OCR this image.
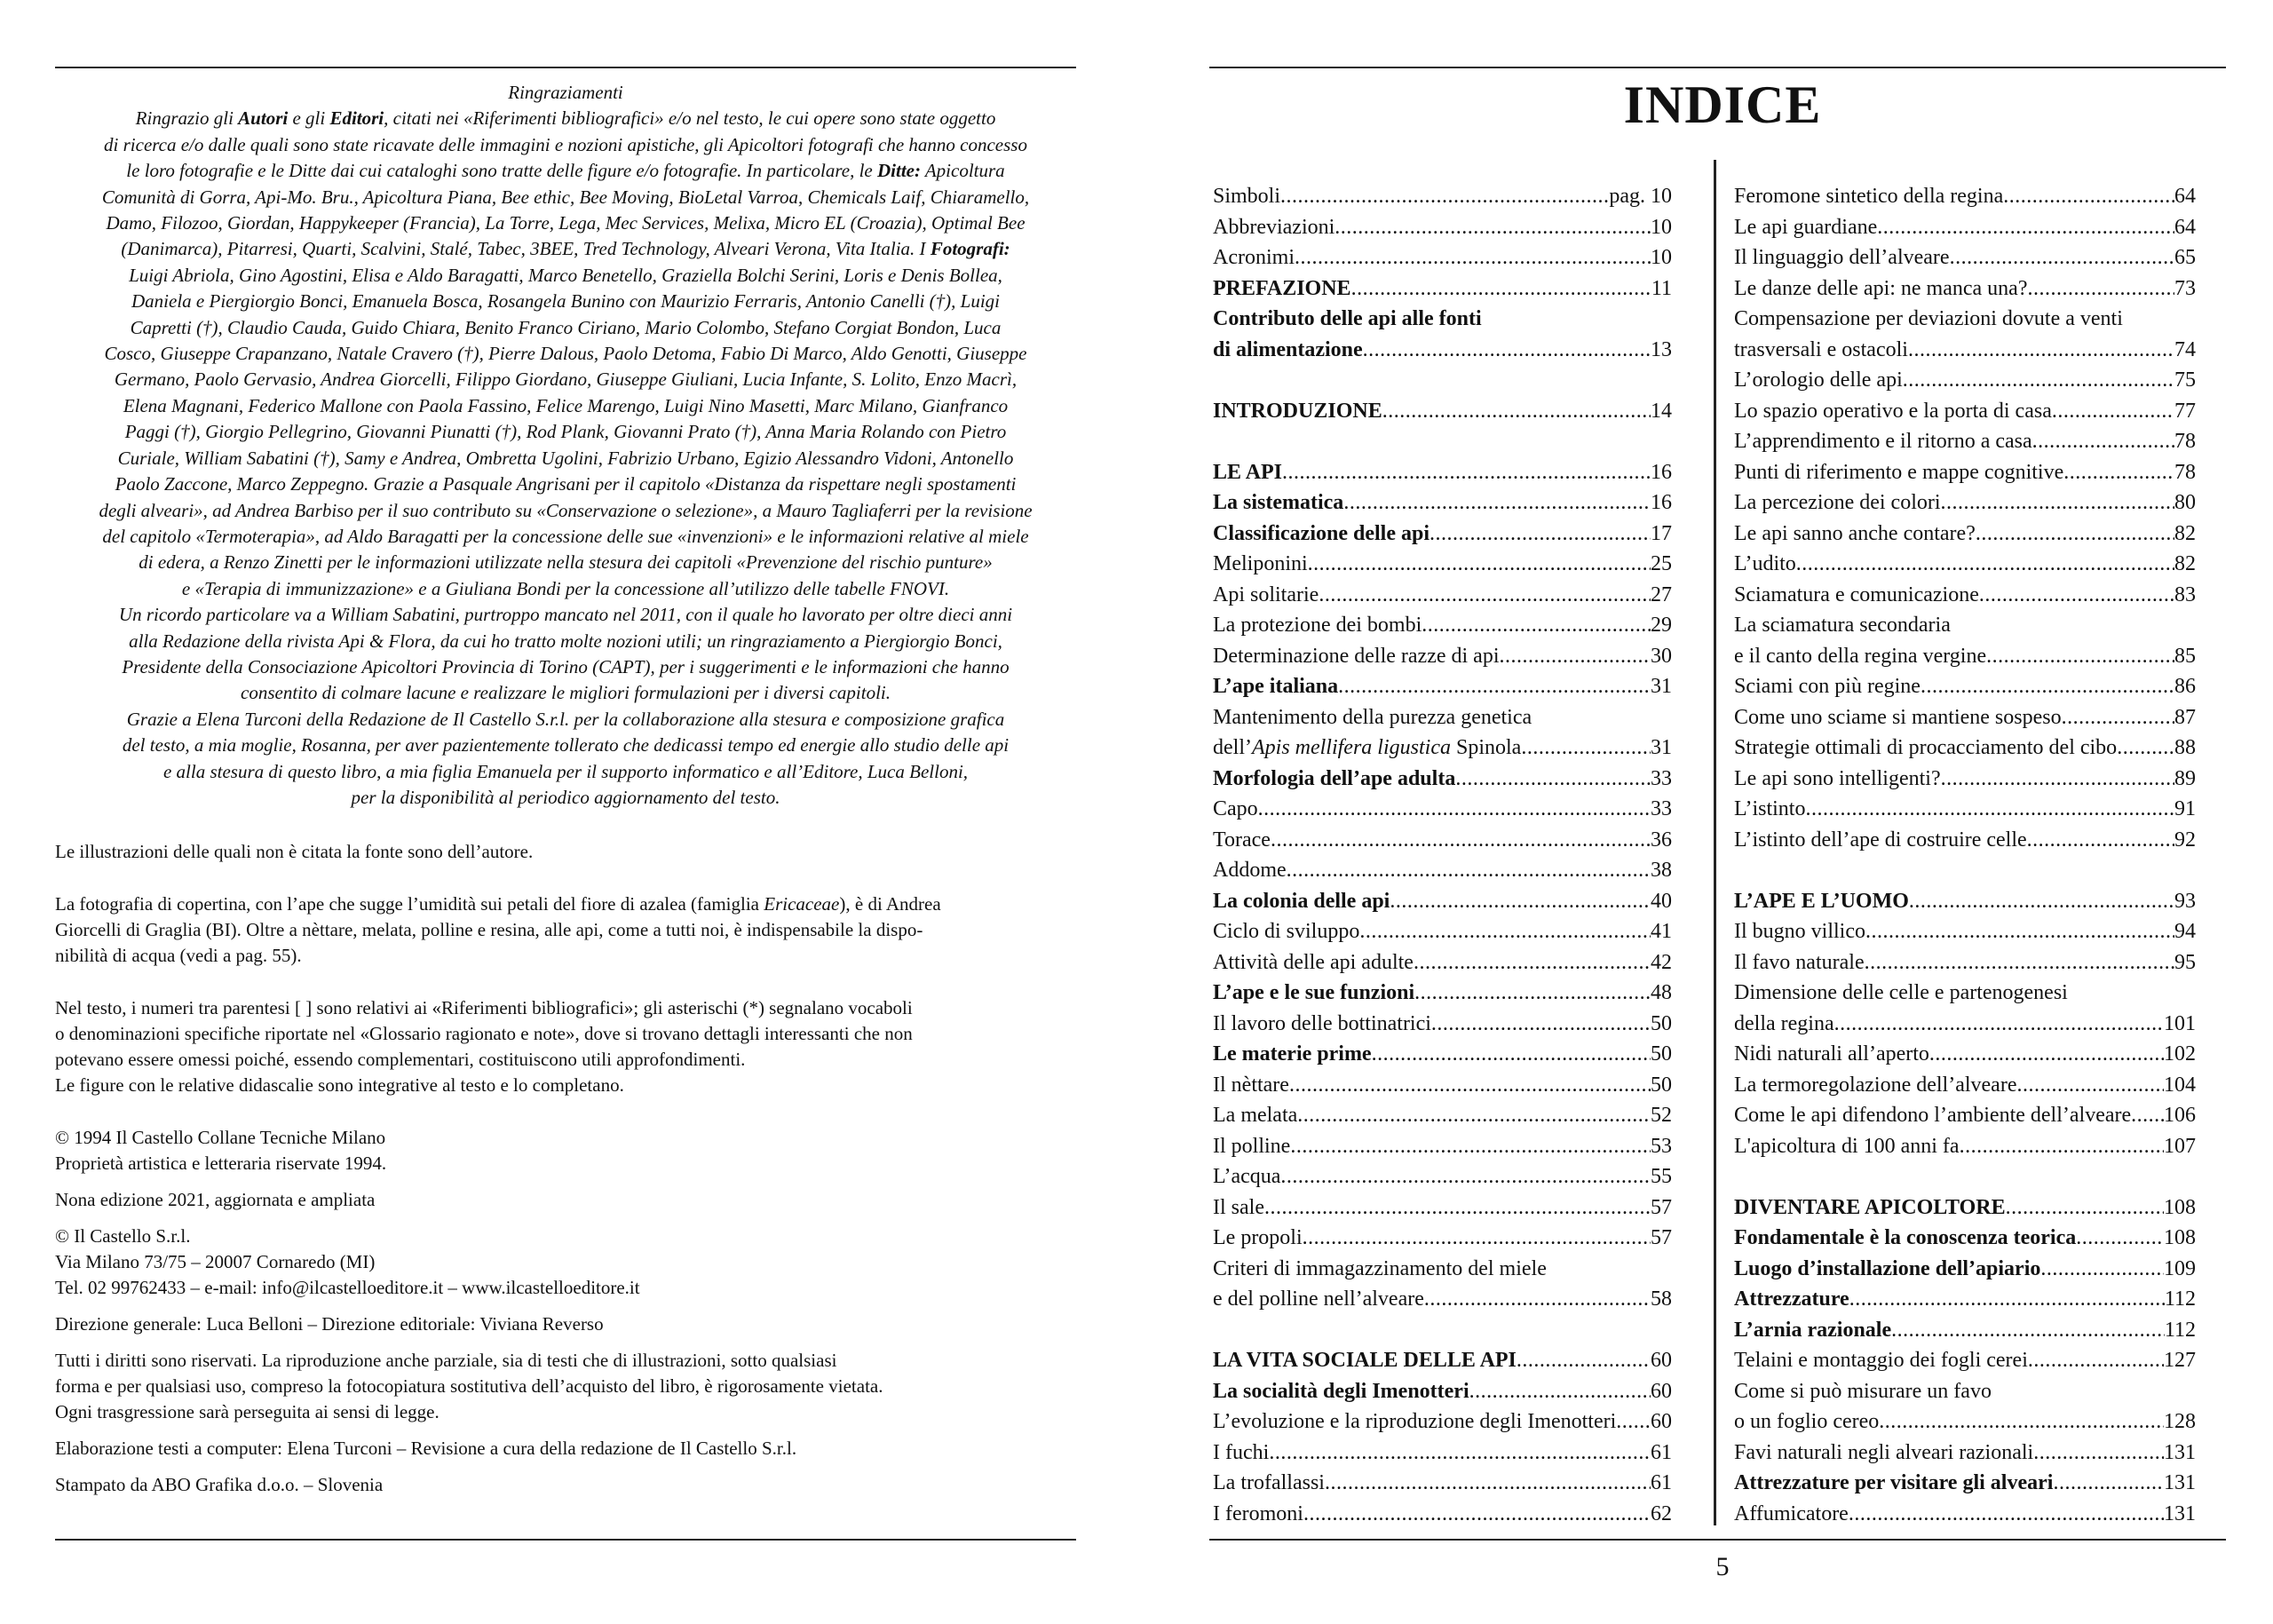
Ringraziamenti

Ringrazio gli Autori e gli Editori, citati nei «Riferimenti bibliografici» e/o nel testo, le cui opere sono state oggetto

di ricerca e/o dalle quali sono state ricavate delle immagini e nozioni apistiche, gli Apicoltori fotografi che hanno concesso

le loro fotografie e le Ditte dai cui cataloghi sono tratte delle figure e/o fotografie. In particolare, le Ditte: Apicoltura

Comunità di Gorra, Api-Mo. Bru., Apicoltura Piana, Bee ethic, Bee Moving, BioLetal Varroa, Chemicals Laif, Chiaramello,

Damo, Filozoo, Giordan, Happykeeper (Francia), La Torre, Lega, Mec Services, Melixa, Micro EL (Croazia), Optimal Bee

(Danimarca), Pitarresi, Quarti, Scalvini, Stalé, Tabec, 3BEE, Tred Technology, Alveari Verona, Vita Italia. I Fotografi:

Luigi Abriola, Gino Agostini, Elisa e Aldo Baragatti, Marco Benetello, Graziella Bolchi Serini, Loris e Denis Bollea,

Daniela e Piergiorgio Bonci, Emanuela Bosca, Rosangela Bunino con Maurizio Ferraris, Antonio Canelli (†), Luigi

Capretti (†), Claudio Cauda, Guido Chiara, Benito Franco Ciriano, Mario Colombo, Stefano Corgiat Bondon, Luca

Cosco, Giuseppe Crapanzano, Natale Cravero (†), Pierre Dalous, Paolo Detoma, Fabio Di Marco, Aldo Genotti, Giuseppe

Germano, Paolo Gervasio, Andrea Giorcelli, Filippo Giordano, Giuseppe Giuliani, Lucia Infante, S. Lolito, Enzo Macrì,

Elena Magnani, Federico Mallone con Paola Fassino, Felice Marengo, Luigi Nino Masetti, Marc Milano, Gianfranco

Paggi (†), Giorgio Pellegrino, Giovanni Piunatti (†), Rod Plank, Giovanni Prato (†), Anna Maria Rolando con Pietro

Curiale, William Sabatini (†), Samy e Andrea, Ombretta Ugolini, Fabrizio Urbano, Egizio Alessandro Vidoni, Antonello

Paolo Zaccone, Marco Zeppegno. Grazie a Pasquale Angrisani per il capitolo «Distanza da rispettare negli spostamenti

degli alveari», ad Andrea Barbiso per il suo contributo su «Conservazione o selezione», a Mauro Tagliaferri per la revisione

del capitolo «Termoterapia», ad Aldo Baragatti per la concessione delle sue «invenzioni» e le informazioni relative al miele

di edera, a Renzo Zinetti per le informazioni utilizzate nella stesura dei capitoli «Prevenzione del rischio punture»

e «Terapia di immunizzazione» e a Giuliana Bondi per la concessione all’utilizzo delle tabelle FNOVI.

Un ricordo particolare va a William Sabatini, purtroppo mancato nel 2011, con il quale ho lavorato per oltre dieci anni

alla Redazione della rivista Api & Flora, da cui ho tratto molte nozioni utili; un ringraziamento a Piergiorgio Bonci,

Presidente della Consociazione Apicoltori Provincia di Torino (CAPT), per i suggerimenti e le informazioni che hanno

consentito di colmare lacune e realizzare le migliori formulazioni per i diversi capitoli.

Grazie a Elena Turconi della Redazione de Il Castello S.r.l. per la collaborazione alla stesura e composizione grafica

del testo, a mia moglie, Rosanna, per aver pazientemente tollerato che dedicassi tempo ed energie allo studio delle api

e alla stesura di questo libro, a mia figlia Emanuela per il supporto informatico e all’Editore, Luca Belloni,

per la disponibilità al periodico aggiornamento del testo.

Le illustrazioni delle quali non è citata la fonte sono dell’autore.

La fotografia di copertina, con l’ape che sugge l’umidità sui petali del fiore di azalea (famiglia Ericaceae), è di Andrea

Giorcelli di Graglia (BI). Oltre a nèttare, melata, polline e resina, alle api, come a tutti noi, è indispensabile la dispo-

nibilità di acqua (vedi a pag. 55).

Nel testo, i numeri tra parentesi [ ] sono relativi ai «Riferimenti bibliografici»; gli asterischi (*) segnalano vocaboli

o denominazioni specifiche riportate nel «Glossario ragionato e note», dove si trovano dettagli interessanti che non

potevano essere omessi poiché, essendo complementari, costituiscono utili approfondimenti.

Le figure con le relative didascalie sono integrative al testo e lo completano.

© 1994 Il Castello Collane Tecniche Milano

Proprietà artistica e letteraria riservate 1994.

Nona edizione 2021, aggiornata e ampliata

© Il Castello S.r.l.

Via Milano 73/75 – 20007 Cornaredo (MI)

Tel. 02 99762433 – e-mail: info@ilcastelloeditore.it – www.ilcastelloeditore.it

Direzione generale: Luca Belloni – Direzione editoriale: Viviana Reverso

Tutti i diritti sono riservati. La riproduzione anche parziale, sia di testi che di illustrazioni, sotto qualsiasi

forma e per qualsiasi uso, compreso la fotocopiatura sostitutiva dell’acquisto del libro, è rigorosamente vietata.

Ogni trasgressione sarà perseguita ai sensi di legge.

Elaborazione testi a computer: Elena Turconi – Revisione a cura della redazione de Il Castello S.r.l.

Stampato da ABO Grafika d.o.o. – Slovenia

INDICE
Simboli .....	pag. 10
Abbreviazioni .....	10
Acronimi .....	10
PREFAZIONE .....	11
Contributo delle api alle fonti
di alimentazione .....	13
INTRODUZIONE .....	14
LE API .....	16
La sistematica .....	16
Classificazione delle api .....	17
Meliponini .....	25
Api solitarie .....	27
La protezione dei bombi .....	29
Determinazione delle razze di api .....	30
L’ape italiana .....	31
Mantenimento della purezza genetica
dell’Apis mellifera ligustica Spinola .....	31
Morfologia dell’ape adulta .....	33
Capo .....	33
Torace .....	36
Addome .....	38
La colonia delle api .....	40
Ciclo di sviluppo .....	41
Attività delle api adulte .....	42
L’ape e le sue funzioni .....	48
Il lavoro delle bottinatrici .....	50
Le materie prime .....	50
Il nèttare .....	50
La melata .....	52
Il polline .....	53
L’acqua .....	55
Il sale .....	57
Le propoli .....	57
Criteri di immagazzinamento del miele
e del polline nell’alveare .....	58
LA VITA SOCIALE DELLE API .....	60
La socialità degli Imenotteri .....	60
L’evoluzione e la riproduzione degli Imenotteri ..... 60
I fuchi .....	61
La trofallassi .....	61
I feromoni .....	62
Feromone sintetico della regina .....	64
Le api guardiane .....	64
Il linguaggio dell’alveare .....	65
Le danze delle api: ne manca una? .....	73
Compensazione per deviazioni dovute a venti
trasversali e ostacoli .....	74
L’orologio delle api .....	75
Lo spazio operativo e la porta di casa .....	77
L’apprendimento e il ritorno a casa .....	78
Punti di riferimento e mappe cognitive .....	78
La percezione dei colori .....	80
Le api sanno anche contare? .....	82
L’udito .....	82
Sciamatura e comunicazione .....	83
La sciamatura secondaria
e il canto della regina vergine .....	85
Sciami con più regine .....	86
Come uno sciame si mantiene sospeso .....	87
Strategie ottimali di procacciamento del cibo .....	88
Le api sono intelligenti? .....	89
L’istinto .....	91
L’istinto dell’ape di costruire celle .....	92
L’APE E L’UOMO .....	93
Il bugno villico .....	94
Il favo naturale .....	95
Dimensione delle celle e partenogenesi
della regina .....	101
Nidi naturali all’aperto .....	102
La termoregolazione dell’alveare .....	104
Come le api difendono l’ambiente dell’alveare ..... 106
L'apicoltura di 100 anni fa .....	107
DIVENTARE APICOLTORE .....	108
Fondamentale è la conoscenza teorica .....	108
Luogo d’installazione dell’apiario .....	109
Attrezzature .....	112
L’arnia razionale .....	112
Telaini e montaggio dei fogli cerei .....	127
Come si può misurare un favo
o un foglio cereo .....	128
Favi naturali negli alveari razionali .....	131
Attrezzature per visitare gli alveari .....	131
Affumicatore .....	131
5
